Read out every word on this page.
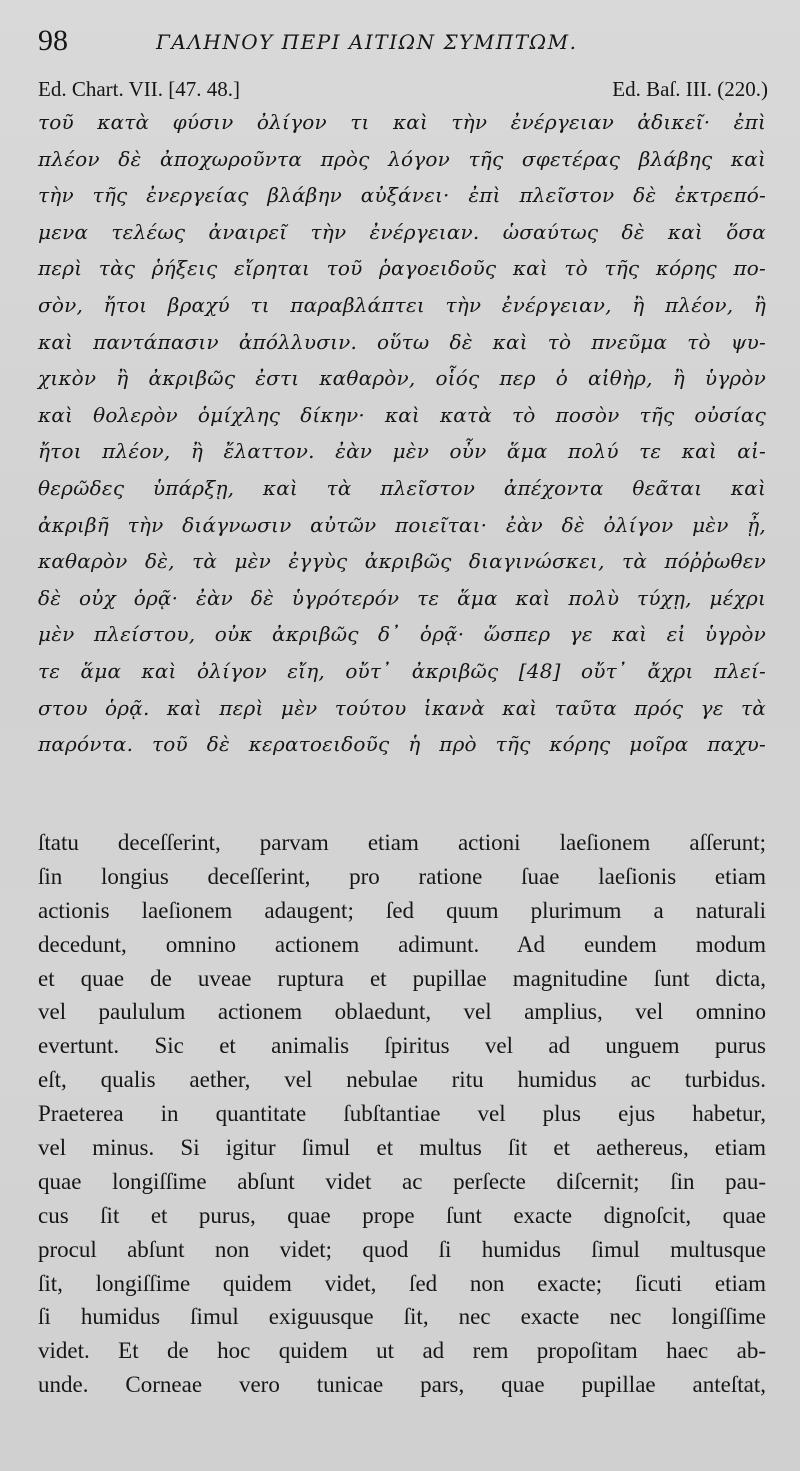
98	ΓΑΛΗΝΟΥ ΠΕΡΙ ΑΙΤΙΩΝ ΣΥΜΠΤΩΜ.
Ed. Chart. VII. [47. 48.]	Ed. Baſ. III. (220.)
τοῦ κατὰ φύσιν ὀλίγον τι καὶ τὴν ἐνέργειαν ἀδικεῖ· ἐπὶ
πλέον δὲ ἀποχωροῦντα πρὸς λόγον τῆς σφετέρας βλάβης καὶ
τὴν τῆς ἐνεργείας βλάβην αὐξάνει· ἐπὶ πλεῖστον δὲ ἐκτρεπό-
μενα τελέως ἀναιρεῖ τὴν ἐνέργειαν. ὡσαύτως δὲ καὶ ὅσα
περὶ τὰς ῥήξεις εἴρηται τοῦ ῥαγοειδοῦς καὶ τὸ τῆς κόρης πο-
σὸν, ἤτοι βραχύ τι παραβλάπτει τὴν ἐνέργειαν, ἢ πλέον, ἢ
καὶ παντάπασιν ἀπόλλυσιν. οὕτω δὲ καὶ τὸ πνεῦμα τὸ ψυ-
χικὸν ἢ ἀκριβῶς ἐστι καθαρὸν, οἷός περ ὁ αἰθὴρ, ἢ ὑγρὸν
καὶ θολερὸν ὁμίχλης δίκην· καὶ κατὰ τὸ ποσὸν τῆς οὐσίας
ἤτοι πλέον, ἢ ἔλαττον. ἐὰν μὲν οὖν ἅμα πολύ τε καὶ αἰ-
θερῶδες ὑπάρξῃ, καὶ τὰ πλεῖστον ἀπέχοντα θεᾶται καὶ
ἀκριβῆ τὴν διάγνωσιν αὐτῶν ποιεῖται· ἐὰν δὲ ὀλίγον μὲν ᾖ,
καθαρὸν δὲ, τὰ μὲν ἐγγὺς ἀκριβῶς διαγινώσκει, τὰ πόῤῥωθεν
δὲ οὐχ ὁρᾷ· ἐὰν δὲ ὑγρότερόν τε ἅμα καὶ πολὺ τύχῃ, μέχρι
μὲν πλείστου, οὐκ ἀκριβῶς δ᾽ ὁρᾷ· ὥσπερ γε καὶ εἰ ὑγρὸν
τε ἅμα καὶ ὀλίγον εἴη, οὔτ᾽ ἀκριβῶς [48] οὔτ᾽ ἄχρι πλεί-
στου ὁρᾷ. καὶ περὶ μὲν τούτου ἱκανὰ καὶ ταῦτα πρός γε τὰ
παρόντα. τοῦ δὲ κερατοειδοῦς ἡ πρὸ τῆς κόρης μοῖρα παχυ-
ſtatu deceſſerint, parvam etiam actioni laeſionem aſſerunt;
ſin longius deceſſerint, pro ratione ſuae laeſionis etiam
actionis laeſionem adaugent; ſed quum plurimum a naturali
decedunt, omnino actionem adimunt. Ad eundem modum
et quae de uveae ruptura et pupillae magnitudine ſunt dicta,
vel paululum actionem oblaedunt, vel amplius, vel omnino
evertunt. Sic et animalis ſpiritus vel ad unguem purus
eſt, qualis aether, vel nebulae ritu humidus ac turbidus.
Praeterea in quantitate ſubſtantiae vel plus ejus habetur,
vel minus. Si igitur ſimul et multus ſit et aethereus, etiam
quae longiſſime abſunt videt ac perſecte diſcernit; ſin pau-
cus ſit et purus, quae prope ſunt exacte dignoſcit, quae
procul abſunt non videt; quod ſi humidus ſimul multusque
ſit, longiſſime quidem videt, ſed non exacte; ſicuti etiam
ſi humidus ſimul exiguusque ſit, nec exacte nec longiſſime
videt. Et de hoc quidem ut ad rem propoſitam haec ab-
unde. Corneae vero tunicae pars, quae pupillae anteſtat,
